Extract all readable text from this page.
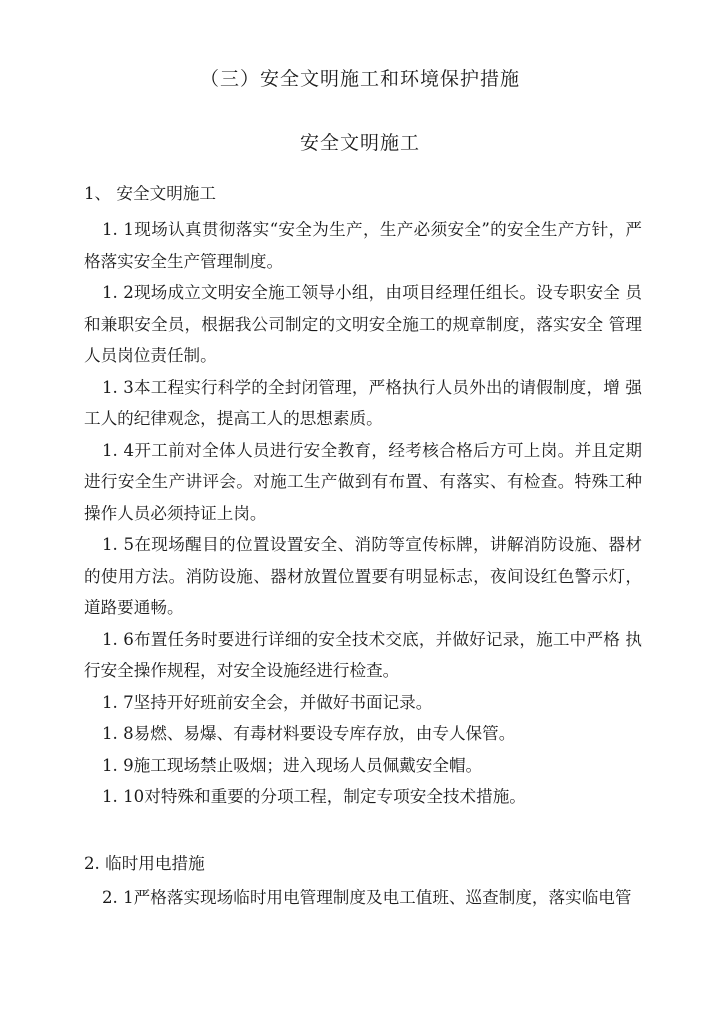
（三）安全文明施工和环境保护措施
安全文明施工
1、 安全文明施工

1. 1现场认真贯彻落实“安全为生产，生产必须安全”的安全生产方针，严格落实安全生产管理制度。

1. 2现场成立文明安全施工领导小组，由项目经理任组长。设专职安全 员和兼职安全员，根据我公司制定的文明安全施工的规章制度，落实安全 管理人员岗位责任制。

1. 3本工程实行科学的全封闭管理，严格执行人员外出的请假制度，增 强工人的纪律观念，提高工人的思想素质。

1. 4开工前对全体人员进行安全教育，经考核合格后方可上岗。并且定期进行安全生产讲评会。对施工生产做到有布置、有落实、有检查。特殊工种操作人员必须持证上岗。

1. 5在现场醒目的位置设置安全、消防等宣传标牌，讲解消防设施、器材的使用方法。消防设施、器材放置位置要有明显标志，夜间设红色警示灯，道路要通畅。

1. 6布置任务时要进行详细的安全技术交底，并做好记录，施工中严格 执行安全操作规程，对安全设施经进行检查。

1. 7坚持开好班前安全会，并做好书面记录。

1. 8易燃、易爆、有毒材料要设专库存放，由专人保管。

1. 9施工现场禁止吸烟；进入现场人员佩戴安全帽。

1. 10对特殊和重要的分项工程，制定专项安全技术措施。

2. 临时用电措施

2. 1严格落实现场临时用电管理制度及电工值班、巡查制度，落实临电管
